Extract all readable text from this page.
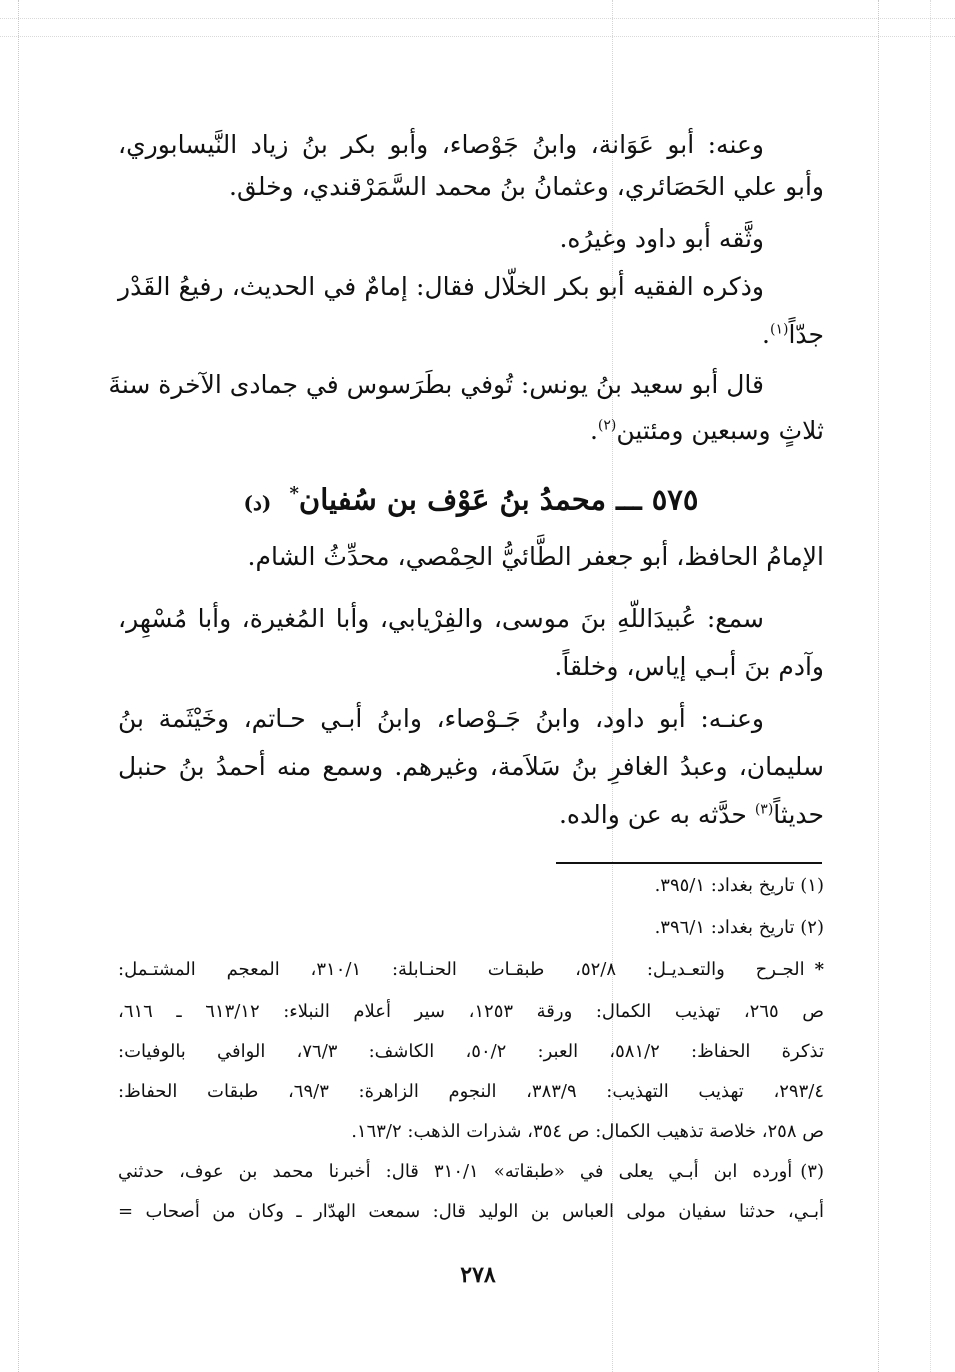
وعنه: أبو عَوَانة، وابنُ جَوْصاء، وأبو بكر بنُ زياد النَّيسابوري،
وأبو علي الحَصَائري، وعثمانُ بنُ محمد السَّمَرْقندي، وخلق.
وثَّقه أبو داود وغيرُه.
وذكره الفقيه أبو بكر الخلّال فقال: إمامٌ في الحديث، رفيعُ القَدْر
جدّاً$^{(١)}$.
قال أبو سعيد بنُ يونس: تُوفي بطَرَسوس في جمادى الآخرة سنةَ
ثلاثٍ وسبعين ومئتين$^{(٢)}$.
٥٧٥ ـــ محمدُ بنُ عَوْف بن سُفيان* (د)
الإمامُ الحافظ، أبو جعفر الطَّائيُّ الحِمْصي، محدِّثُ الشام.
سمع: عُبيدَاللّهِ بنَ موسى، والفِرْيابي، وأبا المُغيرة، وأبا مُسْهِر،
وآدم بنَ أبـي إياس، وخلقاً.
وعنـه: أبو داود، وابنُ جَـوْصاء، وابنُ أبـي حـاتم، وخَيْثَمة بنُ
سليمان، وعبدُ الغافرِ بنُ سَلاَمة، وغيرهم. وسمع منه أحمدُ بنُ حنبل
حديثاً$^{(٣)}$ حدَّثه به عن والده.
(١) تاريخ بغداد: ٣٩٥/١.
(٢) تاريخ بغداد: ٣٩٦/١.
*الجـرح والتعـديـل: ٥٢/٨، طبقـات الحنـابلة: ٣١٠/١، المعجم المشتـمل:
ص ٢٦٥، تهذيب الكمال: ورقة ١٢٥٣، سير أعلام النبلاء: ٦١٣/١٢ ـ ٦١٦،
تذكرة الحفاظ: ٥٨١/٢، العبر: ٥٠/٢، الكاشف: ٧٦/٣، الوافي بالوفيات:
٢٩٣/٤، تهذيب التهذيب: ٣٨٣/٩، النجوم الزاهرة: ٦٩/٣، طبقات الحفاظ:
ص ٢٥٨، خلاصة تذهيب الكمال: ص ٣٥٤، شذرات الذهب: ١٦٣/٢.
(٣)أورده ابن أبـي يعلى في «طبقاته» ٣١٠/١ قال: أخبرنا محمد بن عوف، حدثني
أبـي، حدثنا سفيان مولى العباس بن الوليد قال: سمعت الهدّار ـ وكان من أصحاب =
٢٧٨
